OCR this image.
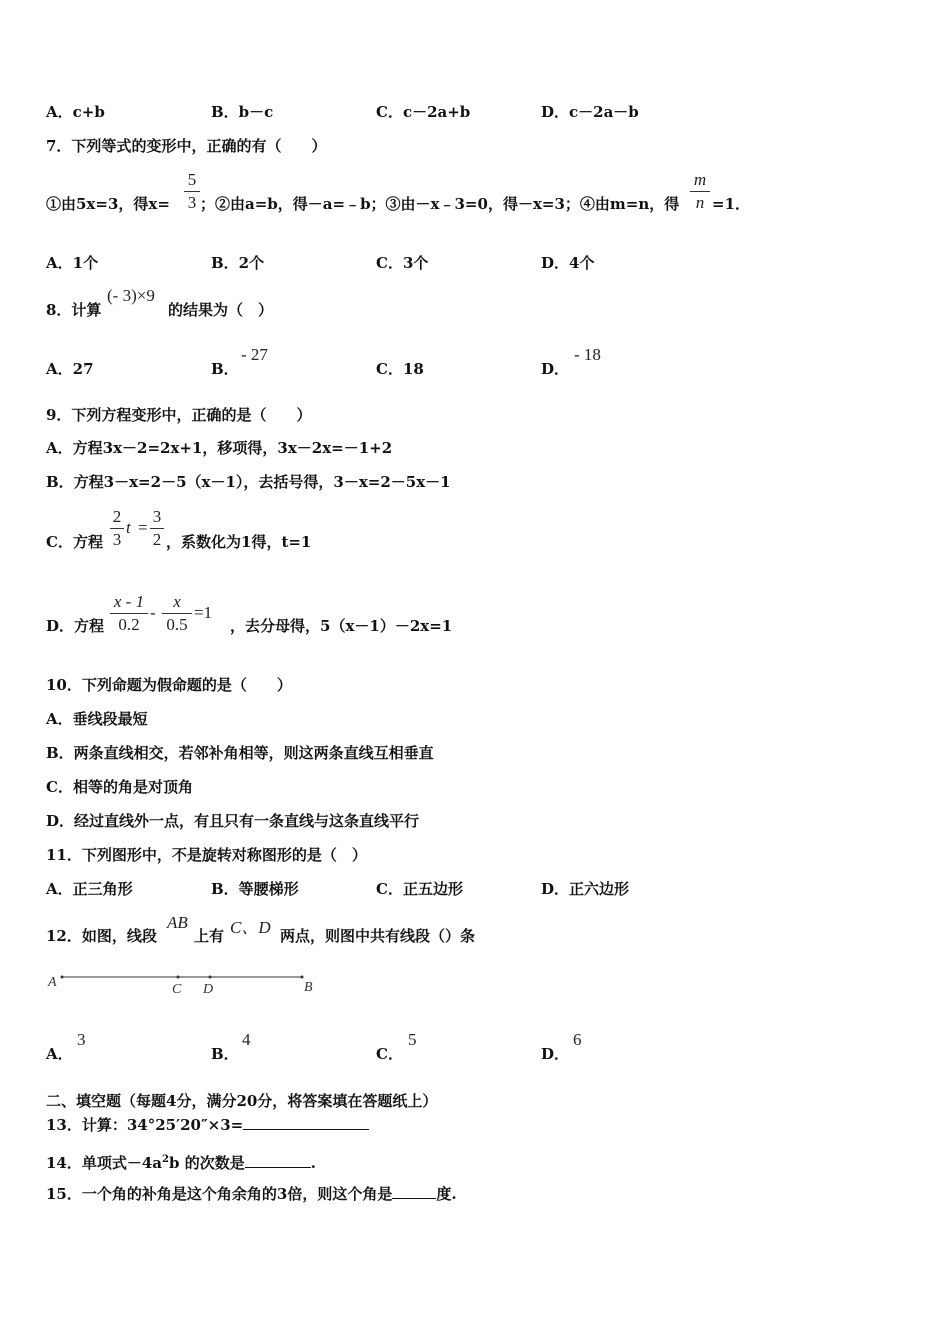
A．c+b	B．b－c	C．c－2a+b	D．c－2a－b
7．下列等式的变形中，正确的有（　　）
①由5x=3，得x=
5
3 ；②由a=b，得－a=﹣b；③由－x﹣3=0，得－x=3；④由m=n，得
m
n =1．
A．1个	B．2个	C．3个	D．4个
8．计算
(- 3)×9
的结果为（　）
A．27	B．
- 27
C．18	D．
- 18
9．下列方程变形中，正确的是（　　）
A．方程3x－2=2x+1，移项得，3x－2x=－1+2
B．方程3－x=2－5（x－1），去括号得，3－x=2－5x－1
C．方程
2
3
t =
3
2 ，系数化为1得，t=1
D．方程
x - 1
0.2
-
x
0.5
=1
，去分母得，5（x－1）－2x=1
10．下列命题为假命题的是（　　）
A．垂线段最短
B．两条直线相交，若邻补角相等，则这两条直线互相垂直
C．相等的角是对顶角
D．经过直线外一点，有且只有一条直线与这条直线平行
11．下列图形中，不是旋转对称图形的是（　）
A．正三角形	B．等腰梯形	C．正五边形	D．正六边形
12．如图，线段
AB
上有 C、D 两点，则图中共有线段（）条
A	C D	B
A．
3
B．
4
C．
5
D．
6
二、填空题（每题4分，满分20分，将答案填在答题纸上）
13．计算：34°25′20″×3=
14．单项式$-4a^2b$ 的次数是	.
15．一个角的补角是这个角余角的3倍，则这个角是	度.
